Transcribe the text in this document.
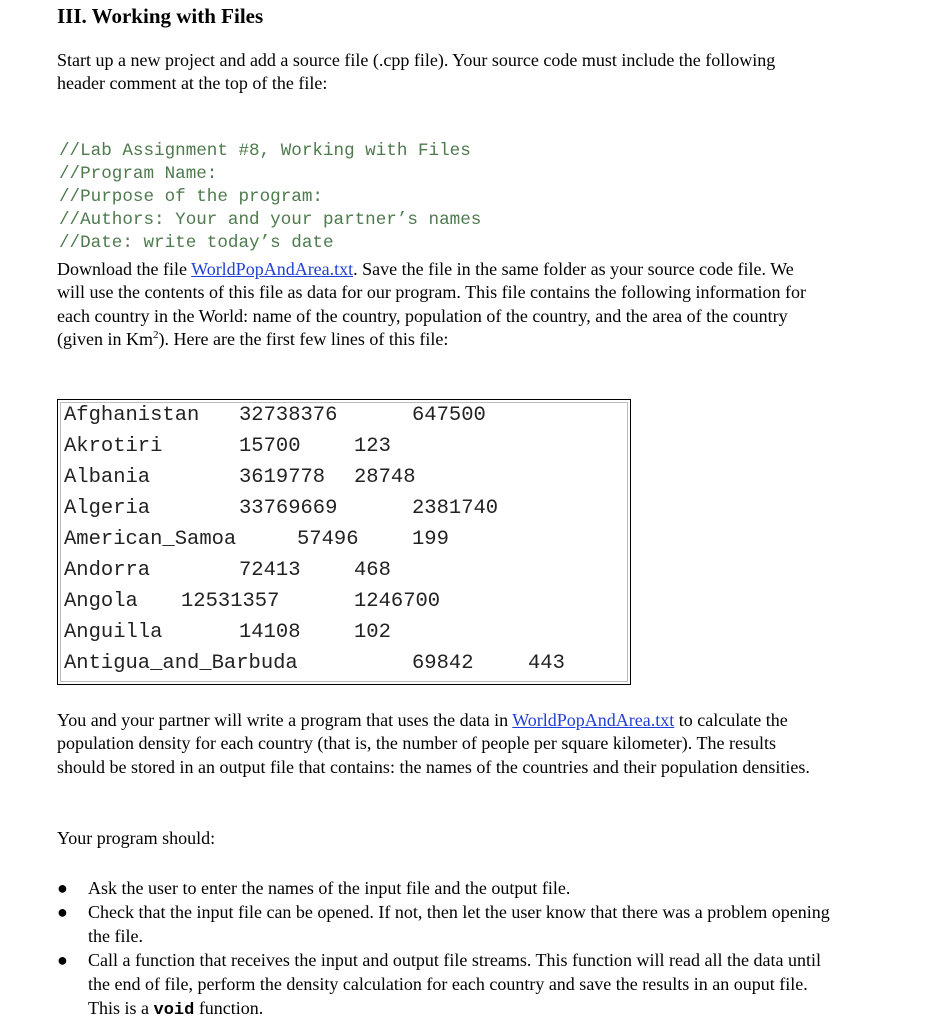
III. Working with Files
Start up a new project and add a source file (.cpp file). Your source code must include the following header comment at the top of the file:

//Lab Assignment #8, Working with Files
//Program Name:
//Purpose of the program:
//Authors: Your and your partner’s names
//Date: write today’s date

Download the file WorldPopAndArea.txt. Save the file in the same folder as your source code file. We will use the contents of this file as data for our program. This file contains the following information for each country in the World: name of the country, population of the country, and the area of the country (given in Km$^2$). Here are the first few lines of this file:
Afghanistan 32738376	647500
Akrotiri	15700	123
Albania	3619778 28748
Algeria	33769669	2381740
American_Samoa	57496	199
Andorra	72413	468
Angola 12531357	1246700
Anguilla	14108	102
Antigua_and_Barbuda	69842	443
You and your partner will write a program that uses the data in WorldPopAndArea.txt to calculate the population density for each country (that is, the number of people per square kilometer). The results should be stored in an output file that contains: the names of the countries and their population densities.
Your program should:
● Ask the user to enter the names of the input file and the output file.
● Check that the input file can be opened. If not, then let the user know that there was a problem opening the file.
● Call a function that receives the input and output file streams. This function will read all the data until the end of file, perform the density calculation for each country and save the results in an ouput file. This is a void function.
